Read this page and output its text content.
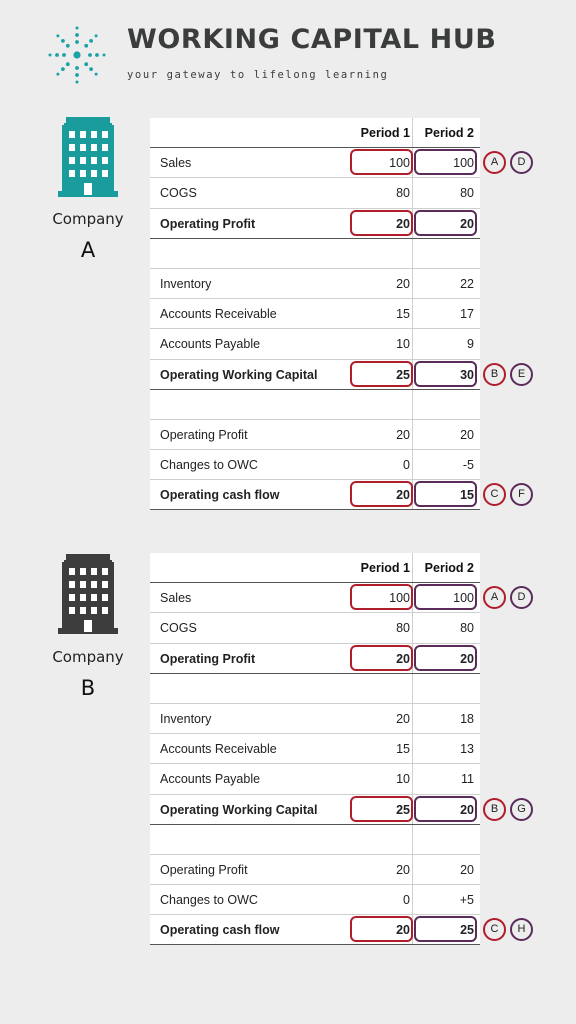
WORKING CAPITAL HUB
your gateway to lifelong learning
Company
A
Period 1	Period 2
Sales	100	100
COGS	80	80
Operating Profit	20	20
Inventory	20	22
Accounts Receivable	15	17
Accounts Payable	10	9
Operating Working Capital	25	30
Operating Profit	20	20
Changes to OWC	0	-5
Operating cash flow	20	15
A	D
B	E
C	F
Company
B
Period 1	Period 2
Sales	100	100
COGS	80	80
Operating Profit	20	20
Inventory	20	18
Accounts Receivable	15	13
Accounts Payable	10	11
Operating Working Capital	25	20
Operating Profit	20	20
Changes to OWC	0	+5
Operating cash flow	20	25
A	D
B	G
C	H
